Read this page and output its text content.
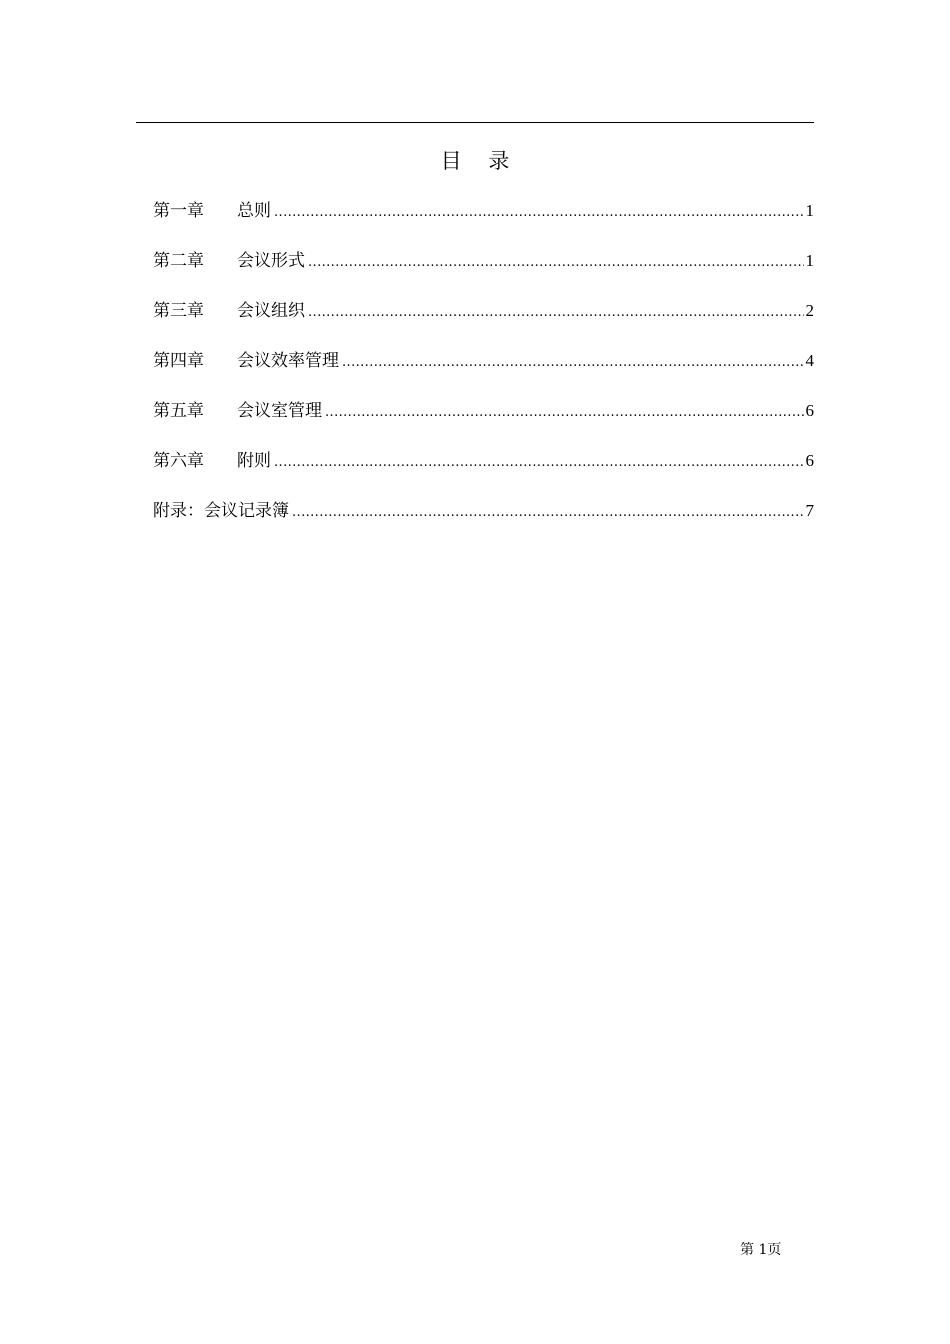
目    录
第一章	总则 .....	1
第二章	会议形式 .....	1
第三章	会议组织 .....	2
第四章	会议效率管理 .....	4
第五章	会议室管理 .....	6
第六章	附则 .....	6
附录： 会议记录簿 .....	7
第 1页
